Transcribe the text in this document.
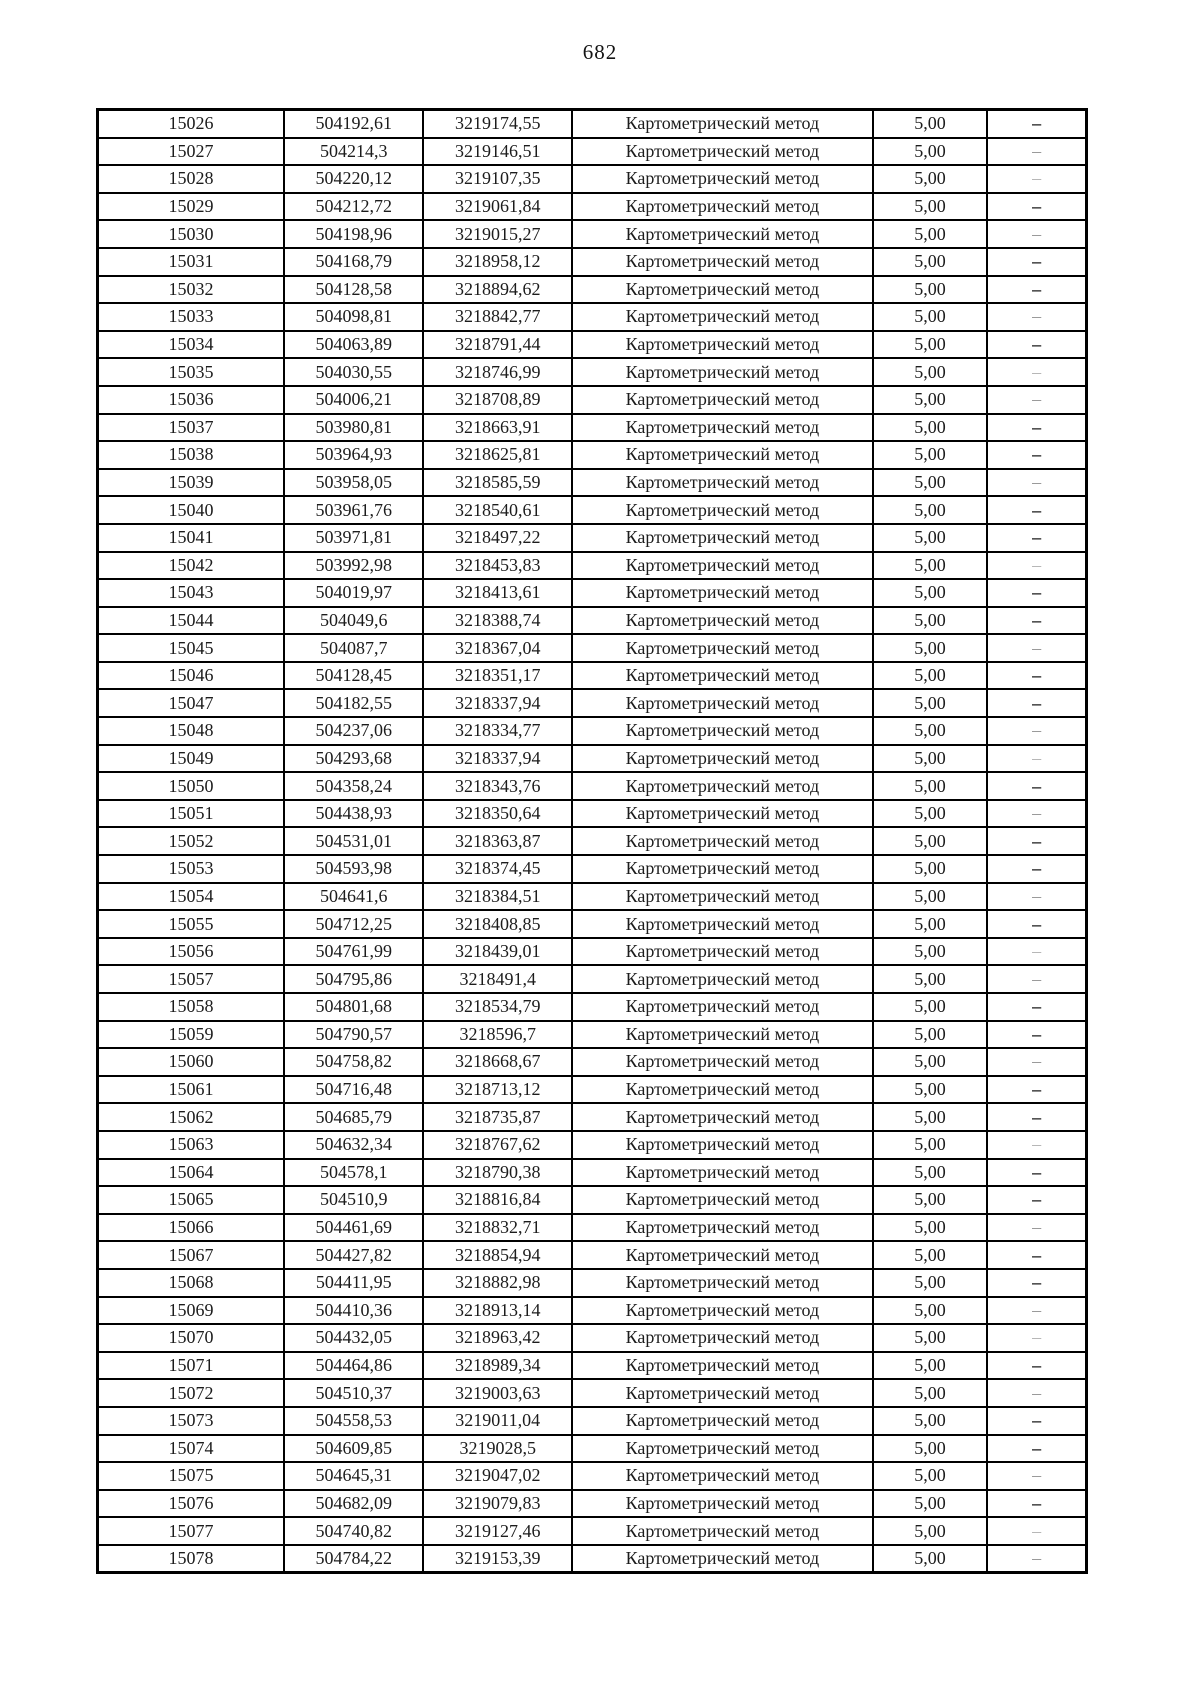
682
15026	504192,61	3219174,55	Картометрический метод	5,00	–
15027	504214,3	3219146,51	Картометрический метод	5,00	–
15028	504220,12	3219107,35	Картометрический метод	5,00	–
15029	504212,72	3219061,84	Картометрический метод	5,00	–
15030	504198,96	3219015,27	Картометрический метод	5,00	–
15031	504168,79	3218958,12	Картометрический метод	5,00	–
15032	504128,58	3218894,62	Картометрический метод	5,00	–
15033	504098,81	3218842,77	Картометрический метод	5,00	–
15034	504063,89	3218791,44	Картометрический метод	5,00	–
15035	504030,55	3218746,99	Картометрический метод	5,00	–
15036	504006,21	3218708,89	Картометрический метод	5,00	–
15037	503980,81	3218663,91	Картометрический метод	5,00	–
15038	503964,93	3218625,81	Картометрический метод	5,00	–
15039	503958,05	3218585,59	Картометрический метод	5,00	–
15040	503961,76	3218540,61	Картометрический метод	5,00	–
15041	503971,81	3218497,22	Картометрический метод	5,00	–
15042	503992,98	3218453,83	Картометрический метод	5,00	–
15043	504019,97	3218413,61	Картометрический метод	5,00	–
15044	504049,6	3218388,74	Картометрический метод	5,00	–
15045	504087,7	3218367,04	Картометрический метод	5,00	–
15046	504128,45	3218351,17	Картометрический метод	5,00	–
15047	504182,55	3218337,94	Картометрический метод	5,00	–
15048	504237,06	3218334,77	Картометрический метод	5,00	–
15049	504293,68	3218337,94	Картометрический метод	5,00	–
15050	504358,24	3218343,76	Картометрический метод	5,00	–
15051	504438,93	3218350,64	Картометрический метод	5,00	–
15052	504531,01	3218363,87	Картометрический метод	5,00	–
15053	504593,98	3218374,45	Картометрический метод	5,00	–
15054	504641,6	3218384,51	Картометрический метод	5,00	–
15055	504712,25	3218408,85	Картометрический метод	5,00	–
15056	504761,99	3218439,01	Картометрический метод	5,00	–
15057	504795,86	3218491,4	Картометрический метод	5,00	–
15058	504801,68	3218534,79	Картометрический метод	5,00	–
15059	504790,57	3218596,7	Картометрический метод	5,00	–
15060	504758,82	3218668,67	Картометрический метод	5,00	–
15061	504716,48	3218713,12	Картометрический метод	5,00	–
15062	504685,79	3218735,87	Картометрический метод	5,00	–
15063	504632,34	3218767,62	Картометрический метод	5,00	–
15064	504578,1	3218790,38	Картометрический метод	5,00	–
15065	504510,9	3218816,84	Картометрический метод	5,00	–
15066	504461,69	3218832,71	Картометрический метод	5,00	–
15067	504427,82	3218854,94	Картометрический метод	5,00	–
15068	504411,95	3218882,98	Картометрический метод	5,00	–
15069	504410,36	3218913,14	Картометрический метод	5,00	–
15070	504432,05	3218963,42	Картометрический метод	5,00	–
15071	504464,86	3218989,34	Картометрический метод	5,00	–
15072	504510,37	3219003,63	Картометрический метод	5,00	–
15073	504558,53	3219011,04	Картометрический метод	5,00	–
15074	504609,85	3219028,5	Картометрический метод	5,00	–
15075	504645,31	3219047,02	Картометрический метод	5,00	–
15076	504682,09	3219079,83	Картометрический метод	5,00	–
15077	504740,82	3219127,46	Картометрический метод	5,00	–
15078	504784,22	3219153,39	Картометрический метод	5,00	–
